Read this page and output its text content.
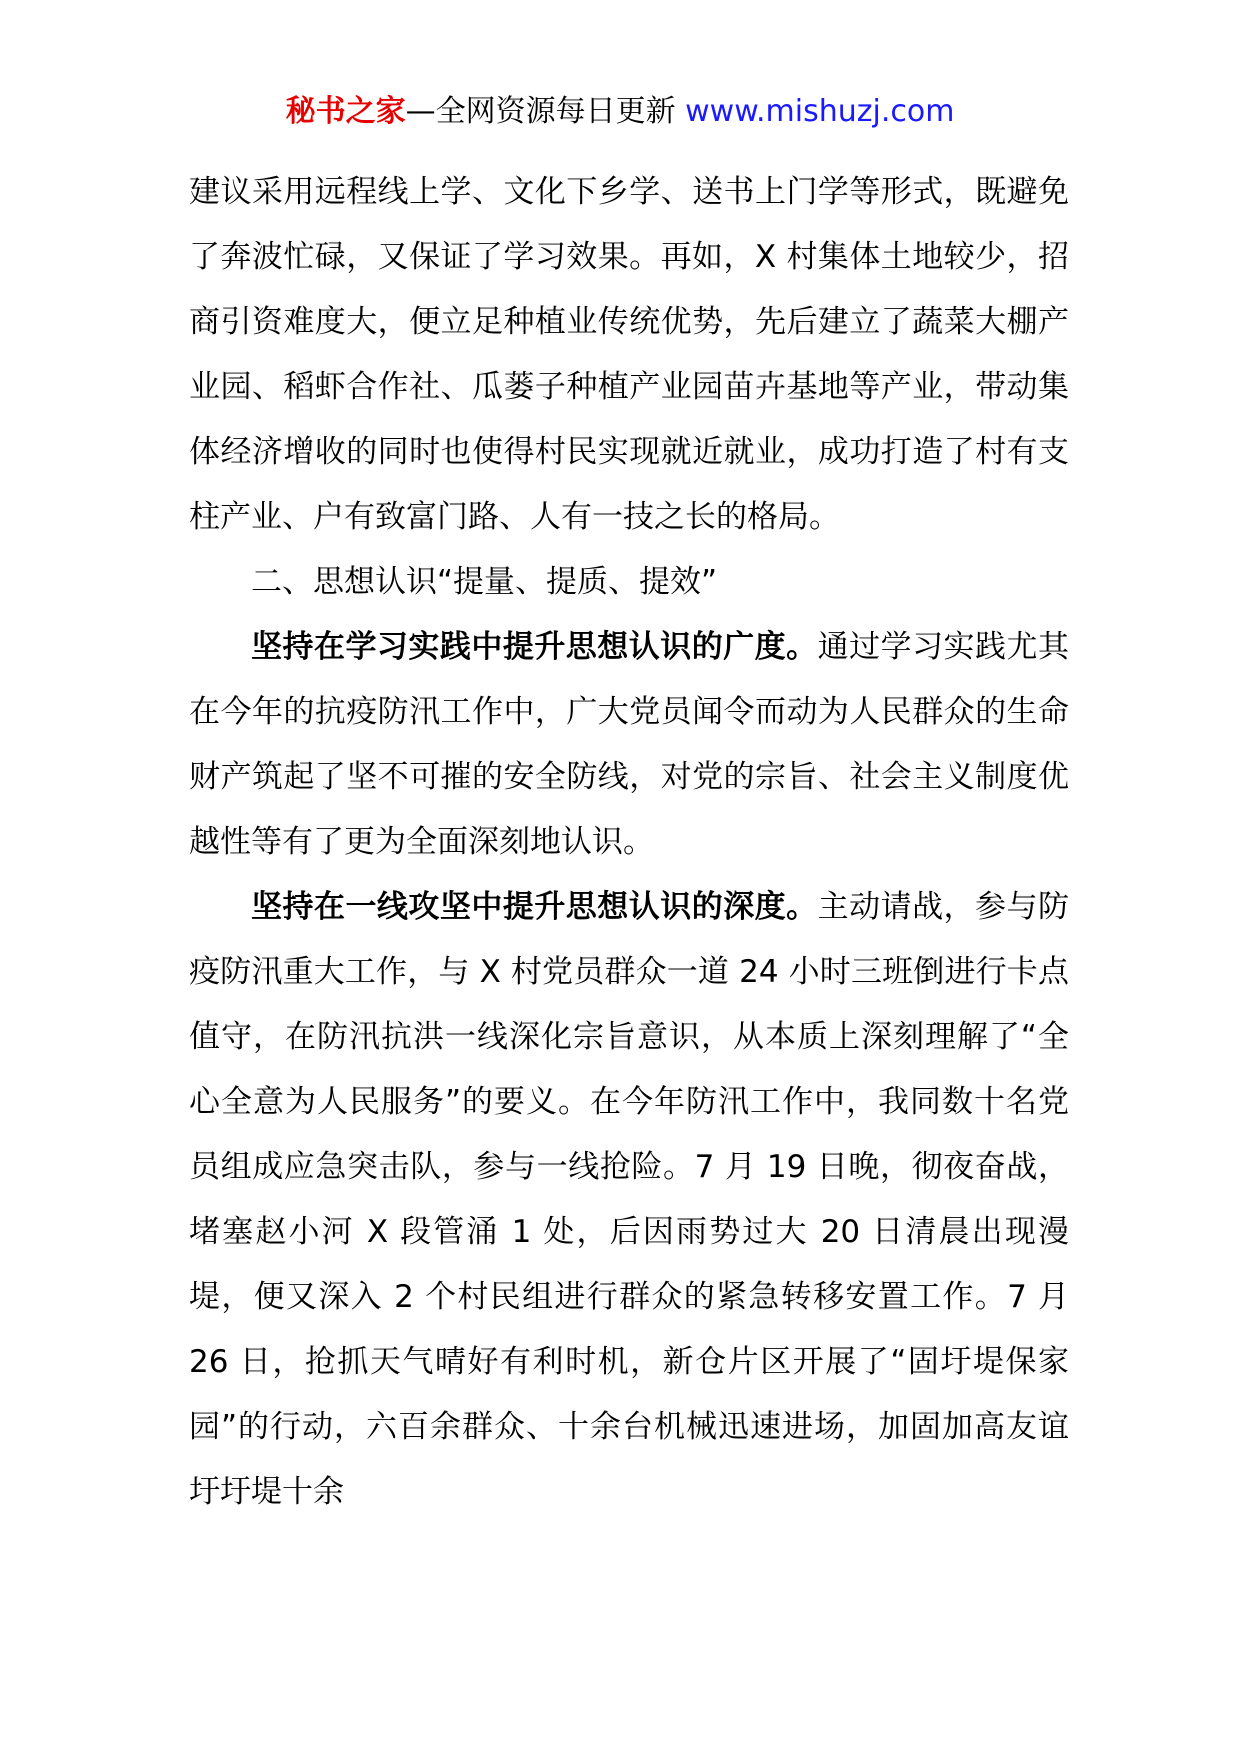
秘书之家—全网资源每日更新 www.mishuzj.com

建议采用远程线上学、文化下乡学、送书上门学等形式，既避免了奔波忙碌，又保证了学习效果。再如，X 村集体土地较少，招商引资难度大，便立足种植业传统优势，先后建立了蔬菜大棚产业园、稻虾合作社、瓜蒌子种植产业园苗卉基地等产业，带动集体经济增收的同时也使得村民实现就近就业，成功打造了村有支柱产业、户有致富门路、人有一技之长的格局。

二、思想认识“提量、提质、提效”

坚持在学习实践中提升思想认识的广度。通过学习实践尤其在今年的抗疫防汛工作中，广大党员闻令而动为人民群众的生命财产筑起了坚不可摧的安全防线，对党的宗旨、社会主义制度优越性等有了更为全面深刻地认识。

坚持在一线攻坚中提升思想认识的深度。主动请战，参与防疫防汛重大工作，与 X 村党员群众一道 24 小时三班倒进行卡点值守，在防汛抗洪一线深化宗旨意识，从本质上深刻理解了“全心全意为人民服务”的要义。在今年防汛工作中，我同数十名党员组成应急突击队，参与一线抢险。7 月 19 日晚，彻夜奋战，堵塞赵小河 X 段管涌 1 处，后因雨势过大 20 日清晨出现漫堤，便又深入 2 个村民组进行群众的紧急转移安置工作。7 月 26 日，抢抓天气晴好有利时机，新仓片区开展了“固圩堤保家园”的行动，六百余群众、十余台机械迅速进场，加固加高友谊圩圩堤十余
